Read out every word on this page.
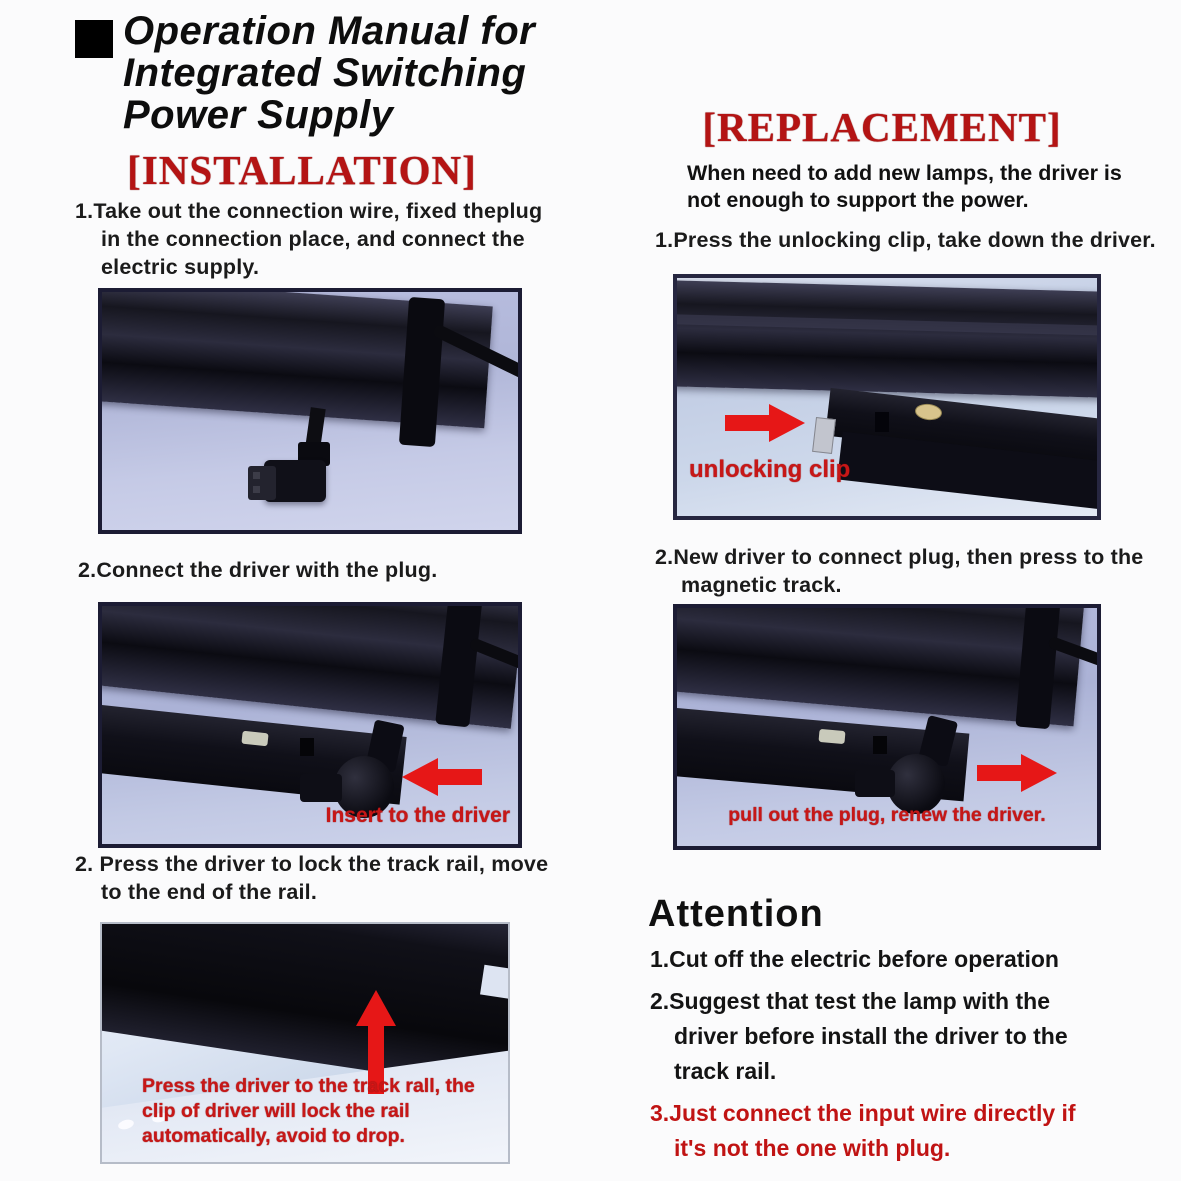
Operation Manual for
Integrated Switching
Power Supply
[INSTALLATION]
1.Take out the connection wire, fixed theplug
in the connection place, and connect the
electric supply.
2.Connect the driver with the plug.
Insert to the driver
2. Press the driver to lock the track rail, move
to the end of the rail.
Press the driver to the track rall, the
clip of driver will lock the rail
automatically, avoid to drop.
[REPLACEMENT]
When need to add new lamps, the driver is
not enough to support the power.
1.Press the unlocking clip, take down the driver.
unlocking clip
2.New driver to connect plug, then press to the
magnetic track.
pull out the plug, renew the driver.
Attention
1.Cut off the electric before operation
2.Suggest that test the lamp with the
driver before install the driver to the
track rail.
3.Just connect the input wire directly if
it's not the one with plug.
